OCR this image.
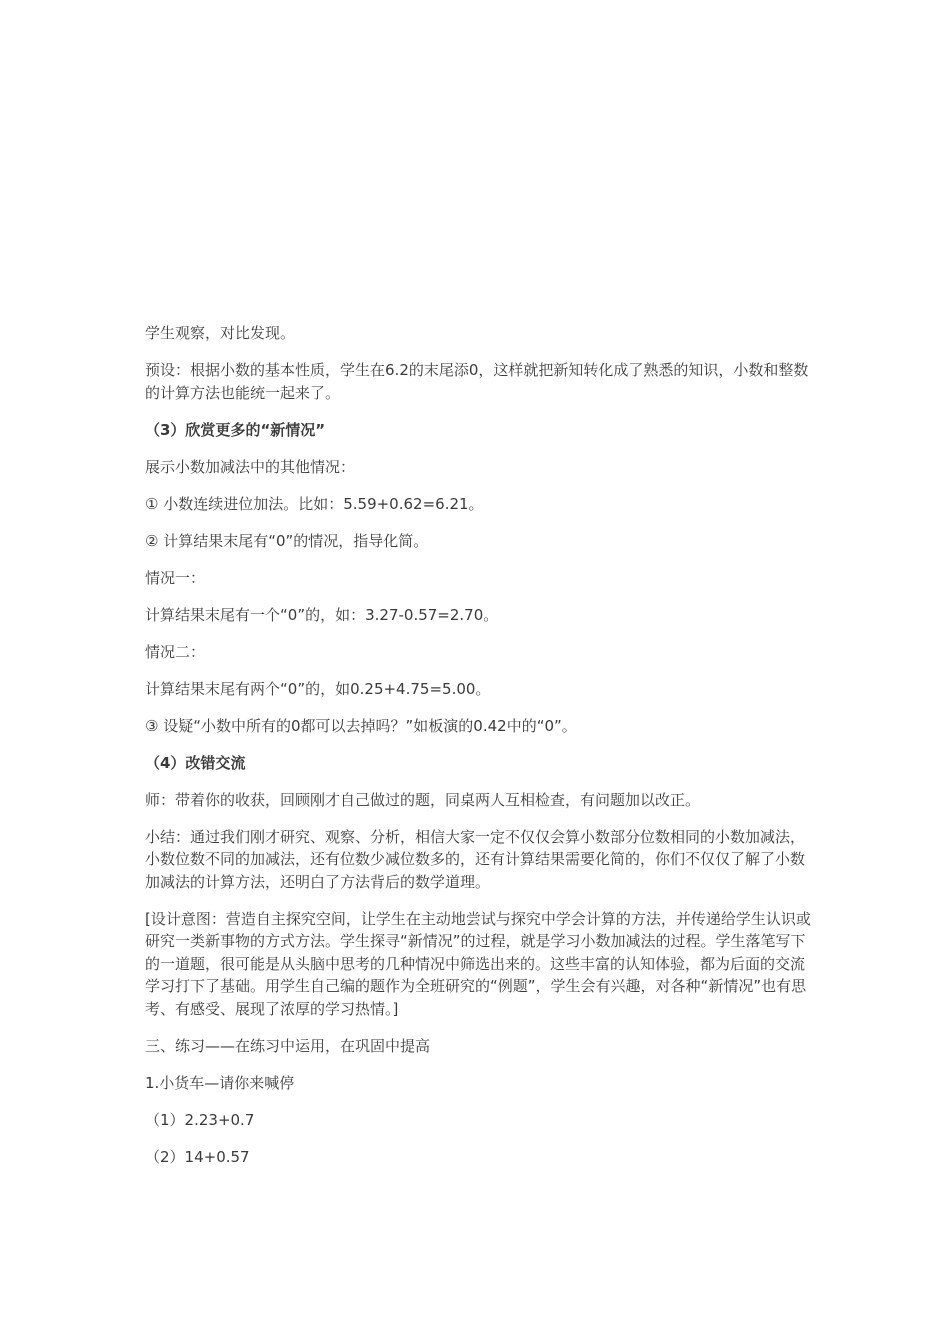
学生观察，对比发现。

预设：根据小数的基本性质，学生在6.2的末尾添0，这样就把新知转化成了熟悉的知识，小数和整数的计算方法也能统一起来了。

（3）欣赏更多的“新情况”

展示小数加减法中的其他情况：

① 小数连续进位加法。比如：5.59+0.62=6.21。

② 计算结果末尾有“0”的情况，指导化简。

情况一：

计算结果末尾有一个“0”的，如：3.27-0.57=2.70。

情况二：

计算结果末尾有两个“0”的，如0.25+4.75=5.00。

③ 设疑“小数中所有的0都可以去掉吗？”如板演的0.42中的“0”。

（4）改错交流

师：带着你的收获，回顾刚才自己做过的题，同桌两人互相检查，有问题加以改正。

小结：通过我们刚才研究、观察、分析，相信大家一定不仅仅会算小数部分位数相同的小数加减法，小数位数不同的加减法，还有位数少减位数多的，还有计算结果需要化简的，你们不仅仅了解了小数加减法的计算方法，还明白了方法背后的数学道理。

[设计意图：营造自主探究空间，让学生在主动地尝试与探究中学会计算的方法，并传递给学生认识或研究一类新事物的方式方法。学生探寻“新情况”的过程，就是学习小数加减法的过程。学生落笔写下的一道题，很可能是从头脑中思考的几种情况中筛选出来的。这些丰富的认知体验，都为后面的交流学习打下了基础。用学生自己编的题作为全班研究的“例题”，学生会有兴趣，对各种“新情况”也有思考、有感受、展现了浓厚的学习热情。]

三、练习——在练习中运用，在巩固中提高

1.小货车—请你来喊停

（1）2.23+0.7

（2）14+0.57
